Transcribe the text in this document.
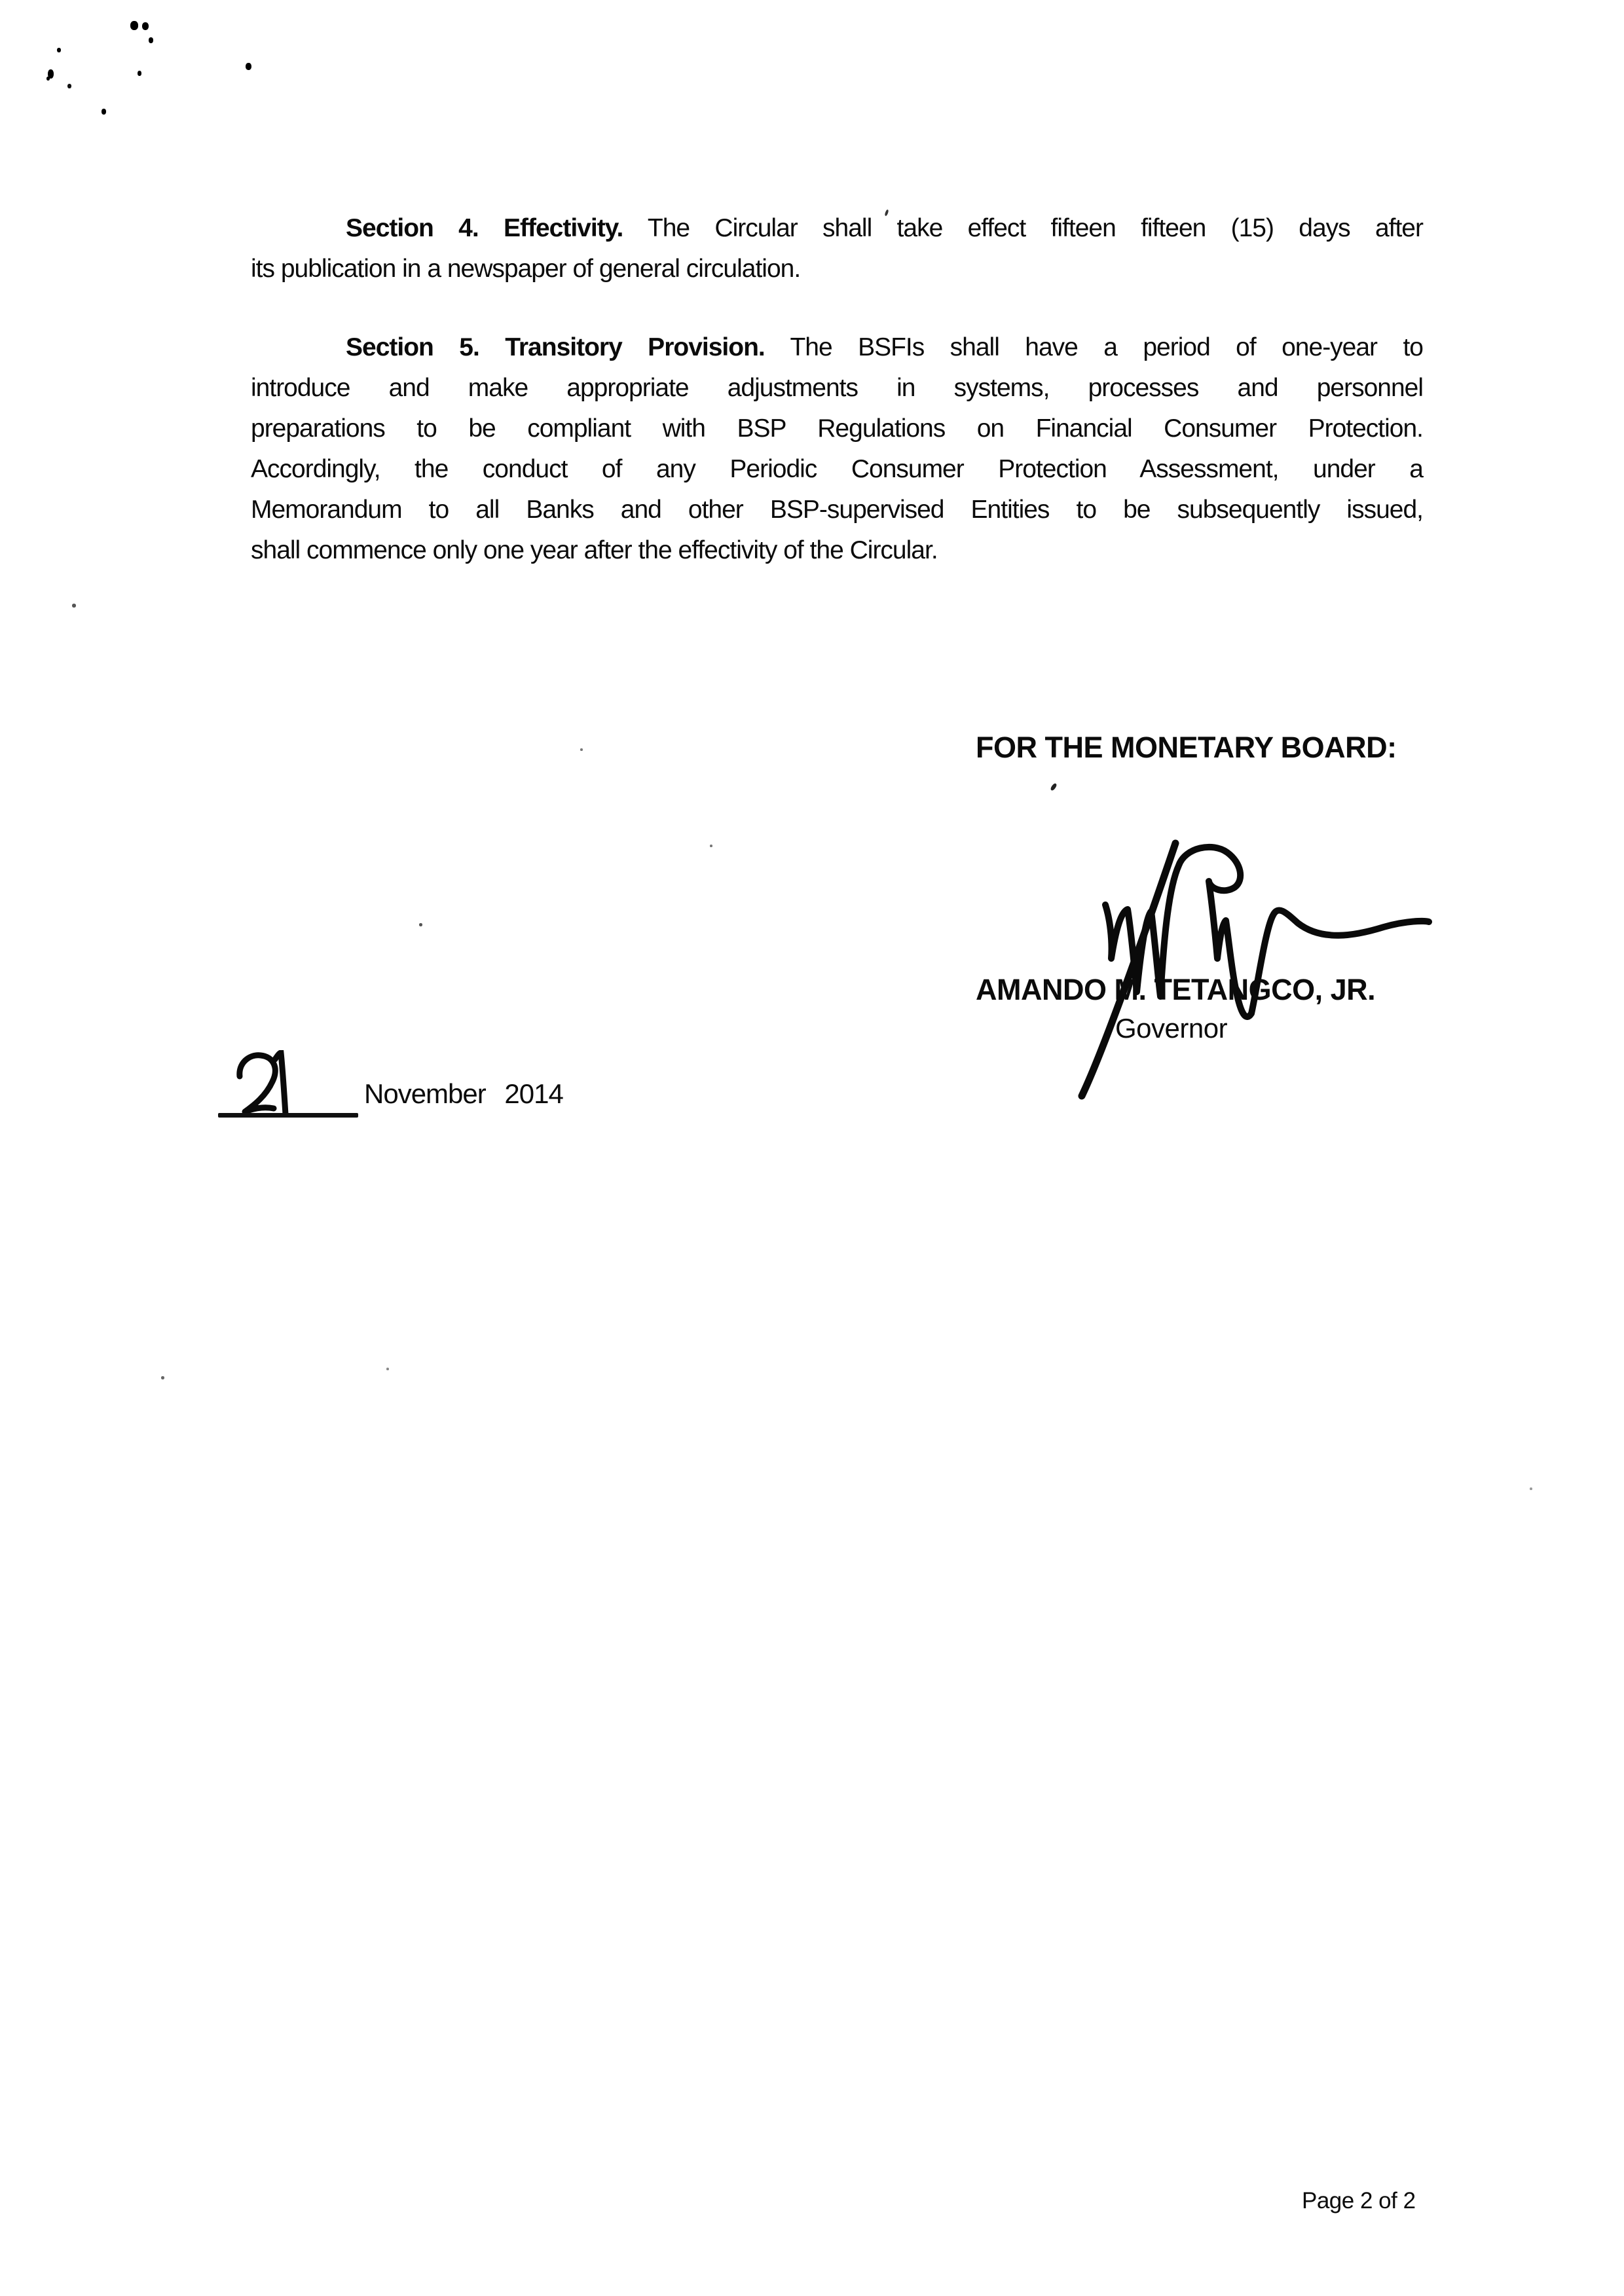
Section 4. Effectivity. The Circular shall take effect fifteen fifteen (15) days after
its publication in a newspaper of general circulation.
Section 5. Transitory Provision. The BSFIs shall have a period of one-year to
introduce and make appropriate adjustments in systems, processes and personnel
preparations to be compliant with BSP Regulations on Financial Consumer Protection.
Accordingly, the conduct of any Periodic Consumer Protection Assessment, under a
Memorandum to all Banks and other BSP-supervised Entities to be subsequently issued,
shall commence only one year after the effectivity of the Circular.
FOR THE MONETARY BOARD:
AMANDO M. TETANGCO, JR.
Governor
November 2014
Page 2 of 2
